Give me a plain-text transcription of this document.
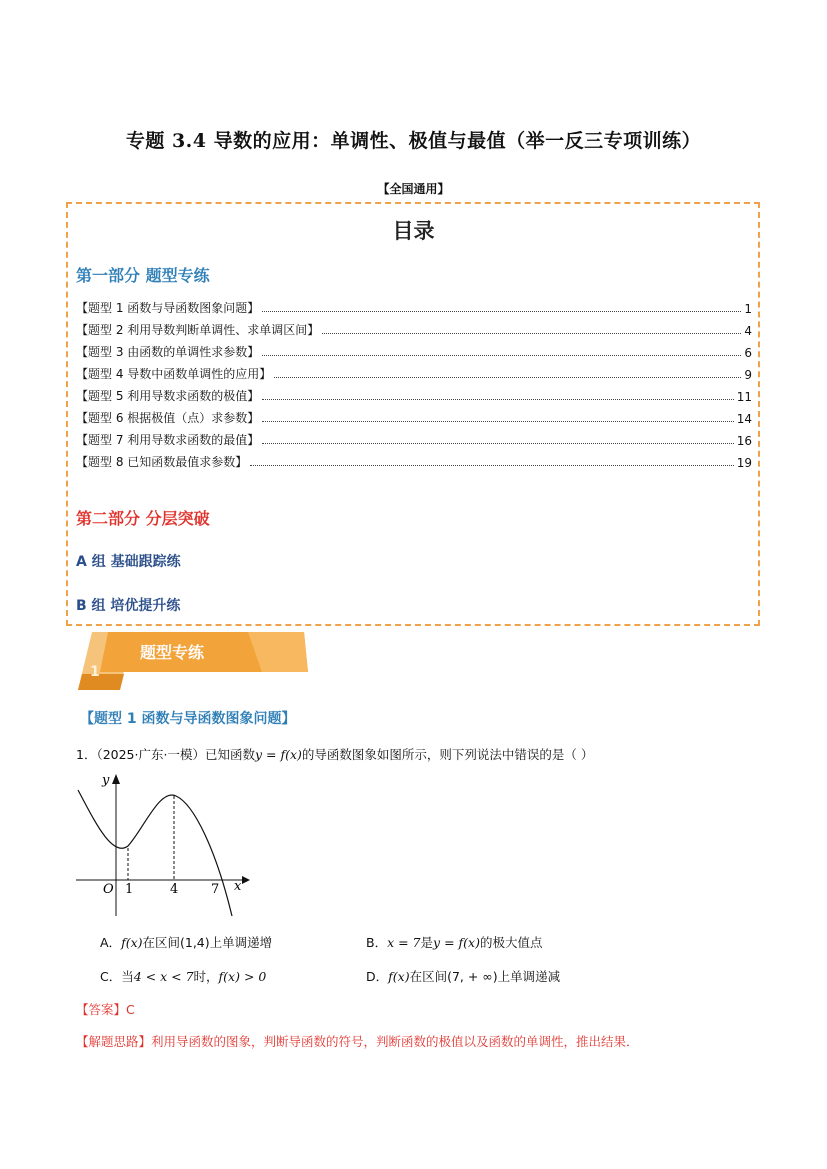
专题 3.4 导数的应用：单调性、极值与最值（举一反三专项训练）
【全国通用】
目录
第一部分 题型专练
【题型 1 函数与导函数图象问题】	1
【题型 2 利用导数判断单调性、求单调区间】	4
【题型 3 由函数的单调性求参数】	6
【题型 4 导数中函数单调性的应用】	9
【题型 5 利用导数求函数的极值】	11
【题型 6 根据极值（点）求参数】	14
【题型 7 利用导数求函数的最值】	16
【题型 8 已知函数最值求参数】	19
第二部分 分层突破
A 组 基础跟踪练
B 组 培优提升练
题型专练
1
【题型 1 函数与导函数图象问题】
1．（2025·广东·一模）已知函数y = f(x)的导函数图象如图所示，则下列说法中错误的是（ ）
O 1	4	7 x
y
A．f(x)在区间(1,4)上单调递增	B．x = 7是y = f(x)的极大值点
C．当4 < x < 7时，f(x) > 0	D．f(x)在区间(7, + ∞)上单调递减
【答案】C
【解题思路】利用导函数的图象，判断导函数的符号，判断函数的极值以及函数的单调性，推出结果．
